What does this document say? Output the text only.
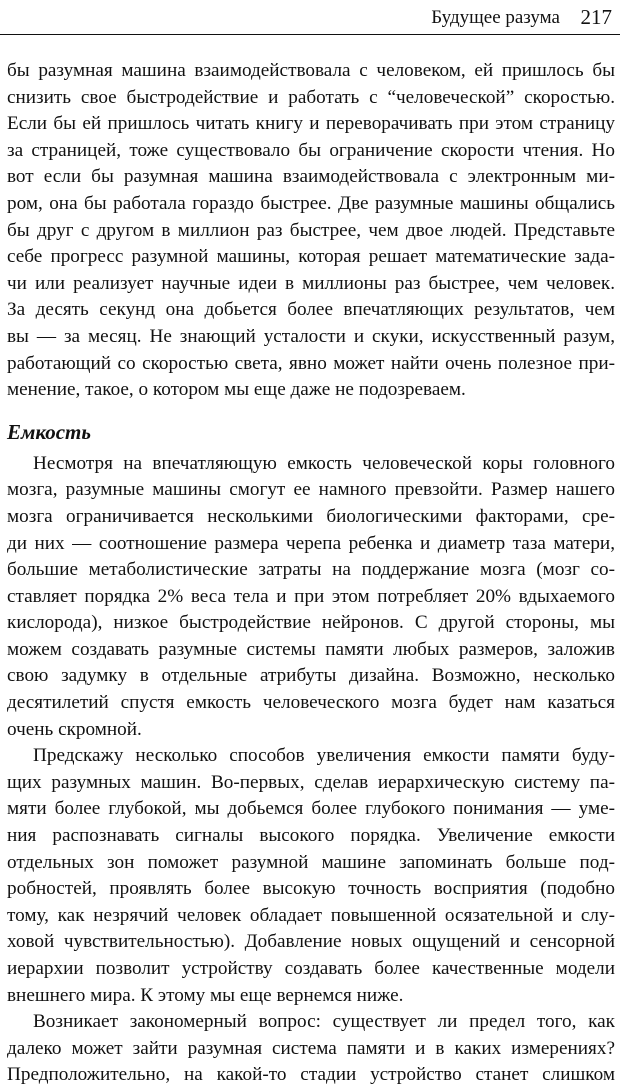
Будущее разума 217
бы разумная машина взаимодействовала с человеком, ей пришлось бы
снизить свое быстродействие и работать с “человеческой” скоростью.
Если бы ей пришлось читать книгу и переворачивать при этом страницу
за страницей, тоже существовало бы ограничение скорости чтения. Но
вот если бы разумная машина взаимодействовала с электронным ми-
ром, она бы работала гораздо быстрее. Две разумные машины общались
бы друг с другом в миллион раз быстрее, чем двое людей. Представьте
себе прогресс разумной машины, которая решает математические зада-
чи или реализует научные идеи в миллионы раз быстрее, чем человек.
За десять секунд она добьется более впечатляющих результатов, чем
вы — за месяц. Не знающий усталости и скуки, искусственный разум,
работающий со скоростью света, явно может найти очень полезное при-
менение, такое, о котором мы еще даже не подозреваем.
Емкость
Несмотря на впечатляющую емкость человеческой коры головного
мозга, разумные машины смогут ее намного превзойти. Размер нашего
мозга ограничивается несколькими биологическими факторами, сре-
ди них — соотношение размера черепа ребенка и диаметр таза матери,
большие метаболистические затраты на поддержание мозга (мозг со-
ставляет порядка 2% веса тела и при этом потребляет 20% вдыхаемого
кислорода), низкое быстродействие нейронов. С другой стороны, мы
можем создавать разумные системы памяти любых размеров, заложив
свою задумку в отдельные атрибуты дизайна. Возможно, несколько
десятилетий спустя емкость человеческого мозга будет нам казаться
очень скромной.
Предскажу несколько способов увеличения емкости памяти буду-
щих разумных машин. Во-первых, сделав иерархическую систему па-
мяти более глубокой, мы добьемся более глубокого понимания — уме-
ния распознавать сигналы высокого порядка. Увеличение емкости
отдельных зон поможет разумной машине запоминать больше под-
робностей, проявлять более высокую точность восприятия (подобно
тому, как незрячий человек обладает повышенной осязательной и слу-
ховой чувствительностью). Добавление новых ощущений и сенсорной
иерархии позволит устройству создавать более качественные модели
внешнего мира. К этому мы еще вернемся ниже.
Возникает закономерный вопрос: существует ли предел того, как
далеко может зайти разумная система памяти и в каких измерениях?
Предположительно, на какой-то стадии устройство станет слишком
